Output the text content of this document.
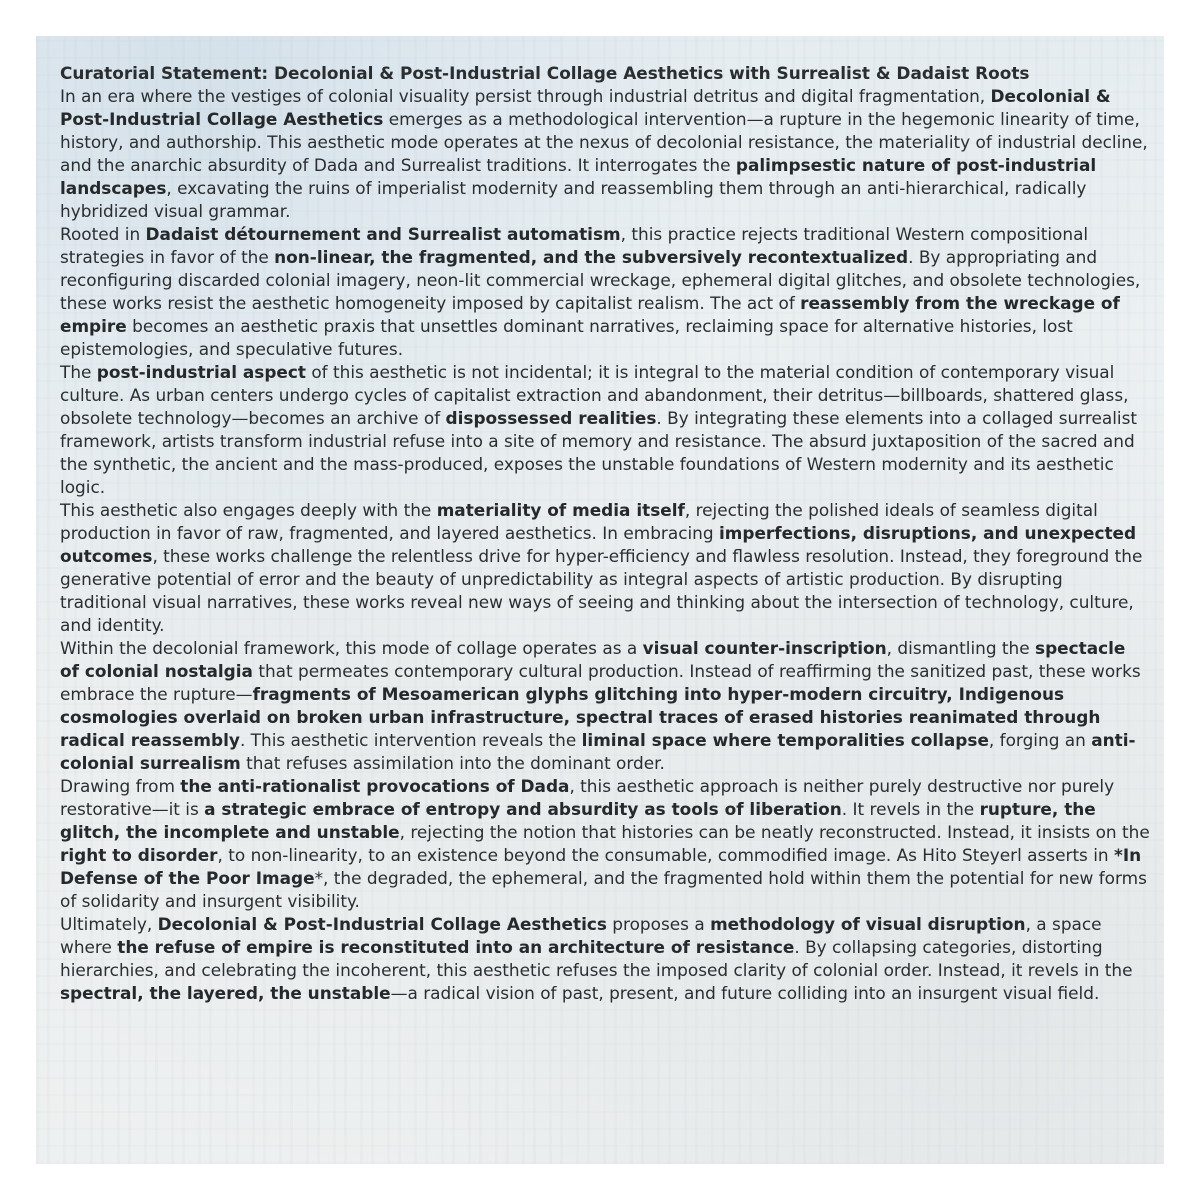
Curatorial Statement: Decolonial & Post-Industrial Collage Aesthetics with Surrealist & Dadaist Roots

In an era where the vestiges of colonial visuality persist through industrial detritus and digital fragmentation, Decolonial & Post-Industrial Collage Aesthetics emerges as a methodological intervention—a rupture in the hegemonic linearity of time, history, and authorship. This aesthetic mode operates at the nexus of decolonial resistance, the materiality of industrial decline, and the anarchic absurdity of Dada and Surrealist traditions. It interrogates the palimpsestic nature of post-industrial landscapes, excavating the ruins of imperialist modernity and reassembling them through an anti-hierarchical, radically hybridized visual grammar.

Rooted in Dadaist détournement and Surrealist automatism, this practice rejects traditional Western compositional strategies in favor of the non-linear, the fragmented, and the subversively recontextualized. By appropriating and reconfiguring discarded colonial imagery, neon-lit commercial wreckage, ephemeral digital glitches, and obsolete technologies, these works resist the aesthetic homogeneity imposed by capitalist realism. The act of reassembly from the wreckage of empire becomes an aesthetic praxis that unsettles dominant narratives, reclaiming space for alternative histories, lost epistemologies, and speculative futures.

The post-industrial aspect of this aesthetic is not incidental; it is integral to the material condition of contemporary visual culture. As urban centers undergo cycles of capitalist extraction and abandonment, their detritus—billboards, shattered glass, obsolete technology—becomes an archive of dispossessed realities. By integrating these elements into a collaged surrealist framework, artists transform industrial refuse into a site of memory and resistance. The absurd juxtaposition of the sacred and the synthetic, the ancient and the mass-produced, exposes the unstable foundations of Western modernity and its aesthetic logic.

This aesthetic also engages deeply with the materiality of media itself, rejecting the polished ideals of seamless digital production in favor of raw, fragmented, and layered aesthetics. In embracing imperfections, disruptions, and unexpected outcomes, these works challenge the relentless drive for hyper-efficiency and flawless resolution. Instead, they foreground the generative potential of error and the beauty of unpredictability as integral aspects of artistic production. By disrupting traditional visual narratives, these works reveal new ways of seeing and thinking about the intersection of technology, culture, and identity.

Within the decolonial framework, this mode of collage operates as a visual counter-inscription, dismantling the spectacle of colonial nostalgia that permeates contemporary cultural production. Instead of reaffirming the sanitized past, these works embrace the rupture—fragments of Mesoamerican glyphs glitching into hyper-modern circuitry, Indigenous cosmologies overlaid on broken urban infrastructure, spectral traces of erased histories reanimated through radical reassembly. This aesthetic intervention reveals the liminal space where temporalities collapse, forging an anti-colonial surrealism that refuses assimilation into the dominant order.

Drawing from the anti-rationalist provocations of Dada, this aesthetic approach is neither purely destructive nor purely restorative—it is a strategic embrace of entropy and absurdity as tools of liberation. It revels in the rupture, the glitch, the incomplete and unstable, rejecting the notion that histories can be neatly reconstructed. Instead, it insists on the right to disorder, to non-linearity, to an existence beyond the consumable, commodified image. As Hito Steyerl asserts in *In Defense of the Poor Image*, the degraded, the ephemeral, and the fragmented hold within them the potential for new forms of solidarity and insurgent visibility.

Ultimately, Decolonial & Post-Industrial Collage Aesthetics proposes a methodology of visual disruption, a space where the refuse of empire is reconstituted into an architecture of resistance. By collapsing categories, distorting hierarchies, and celebrating the incoherent, this aesthetic refuses the imposed clarity of colonial order. Instead, it revels in the spectral, the layered, the unstable—a radical vision of past, present, and future colliding into an insurgent visual field.
